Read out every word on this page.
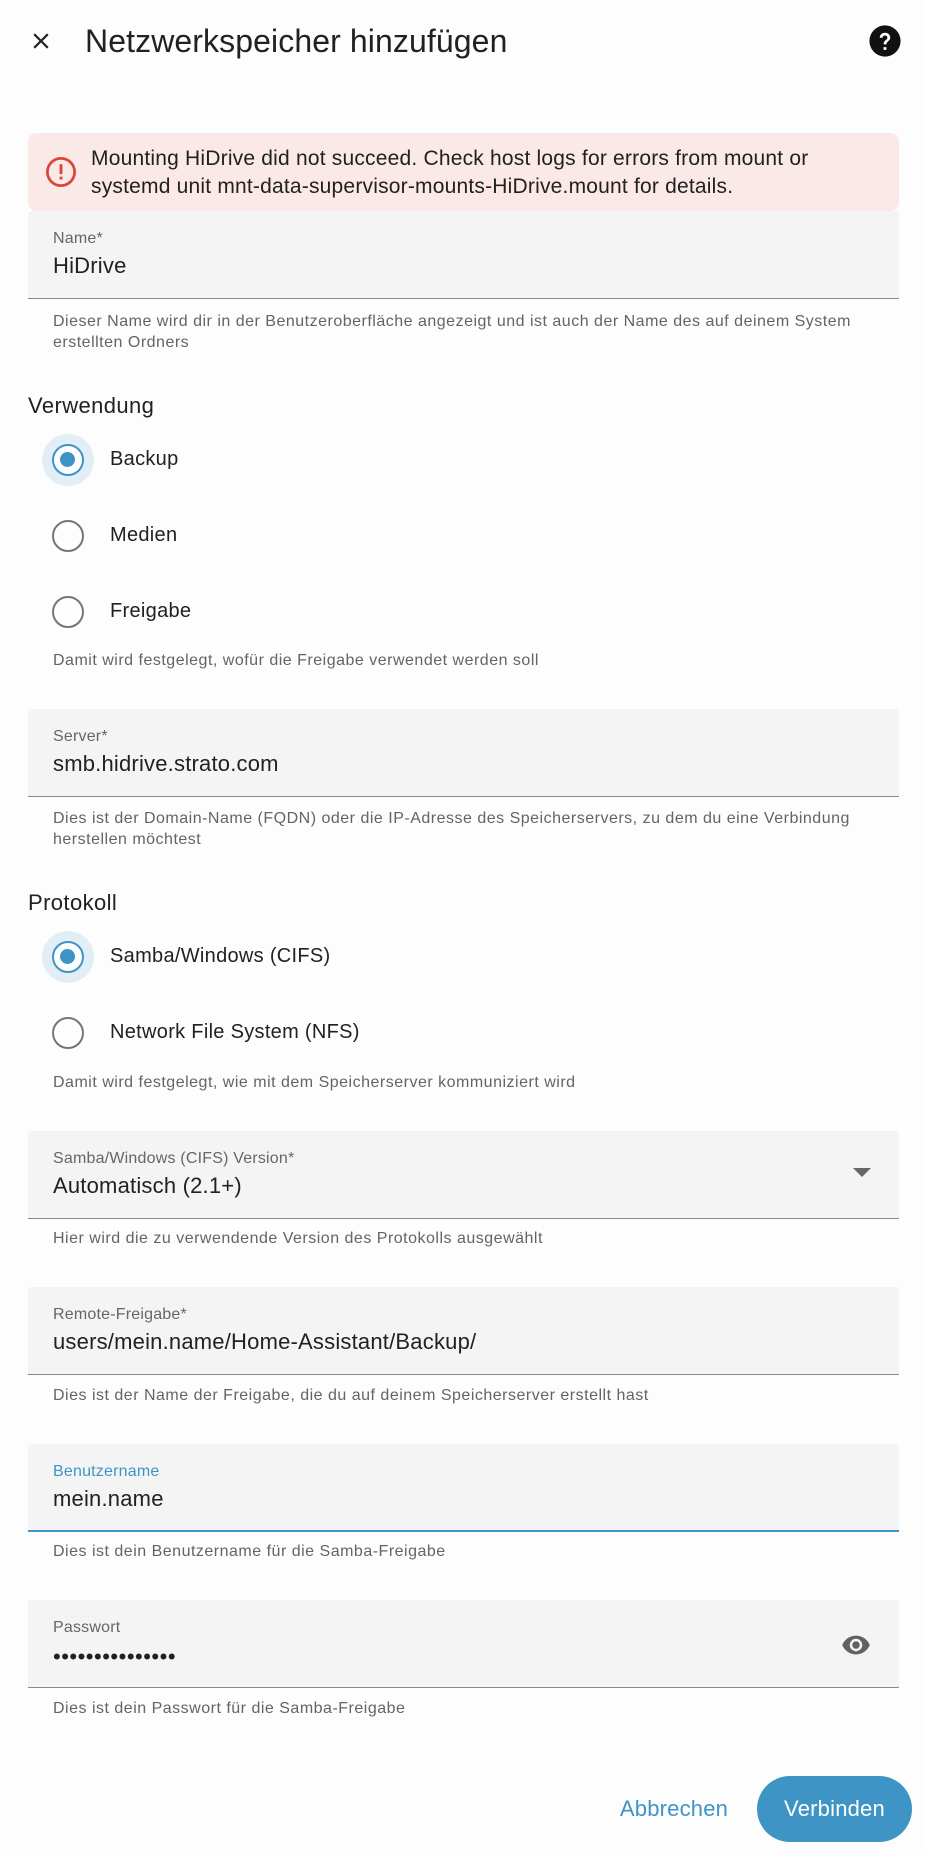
Netzwerkspeicher hinzufügen
Mounting HiDrive did not succeed. Check host logs for errors from mount or systemd unit mnt-data-supervisor-mounts-HiDrive.mount for details.
Name*
HiDrive
Dieser Name wird dir in der Benutzeroberfläche angezeigt und ist auch der Name des auf deinem System erstellten Ordners
Verwendung
Backup
Medien
Freigabe
Damit wird festgelegt, wofür die Freigabe verwendet werden soll
Server*
smb.hidrive.strato.com
Dies ist der Domain-Name (FQDN) oder die IP-Adresse des Speicherservers, zu dem du eine Verbindung herstellen möchtest
Protokoll
Samba/Windows (CIFS)
Network File System (NFS)
Damit wird festgelegt, wie mit dem Speicherserver kommuniziert wird
Samba/Windows (CIFS) Version*
Automatisch (2.1+)
Hier wird die zu verwendende Version des Protokolls ausgewählt
Remote-Freigabe*
users/mein.name/Home-Assistant/Backup/
Dies ist der Name der Freigabe, die du auf deinem Speicherserver erstellt hast
Benutzername
mein.name
Dies ist dein Benutzername für die Samba-Freigabe
Passwort
•••••••••••••••
Dies ist dein Passwort für die Samba-Freigabe
Abbrechen	Verbinden
